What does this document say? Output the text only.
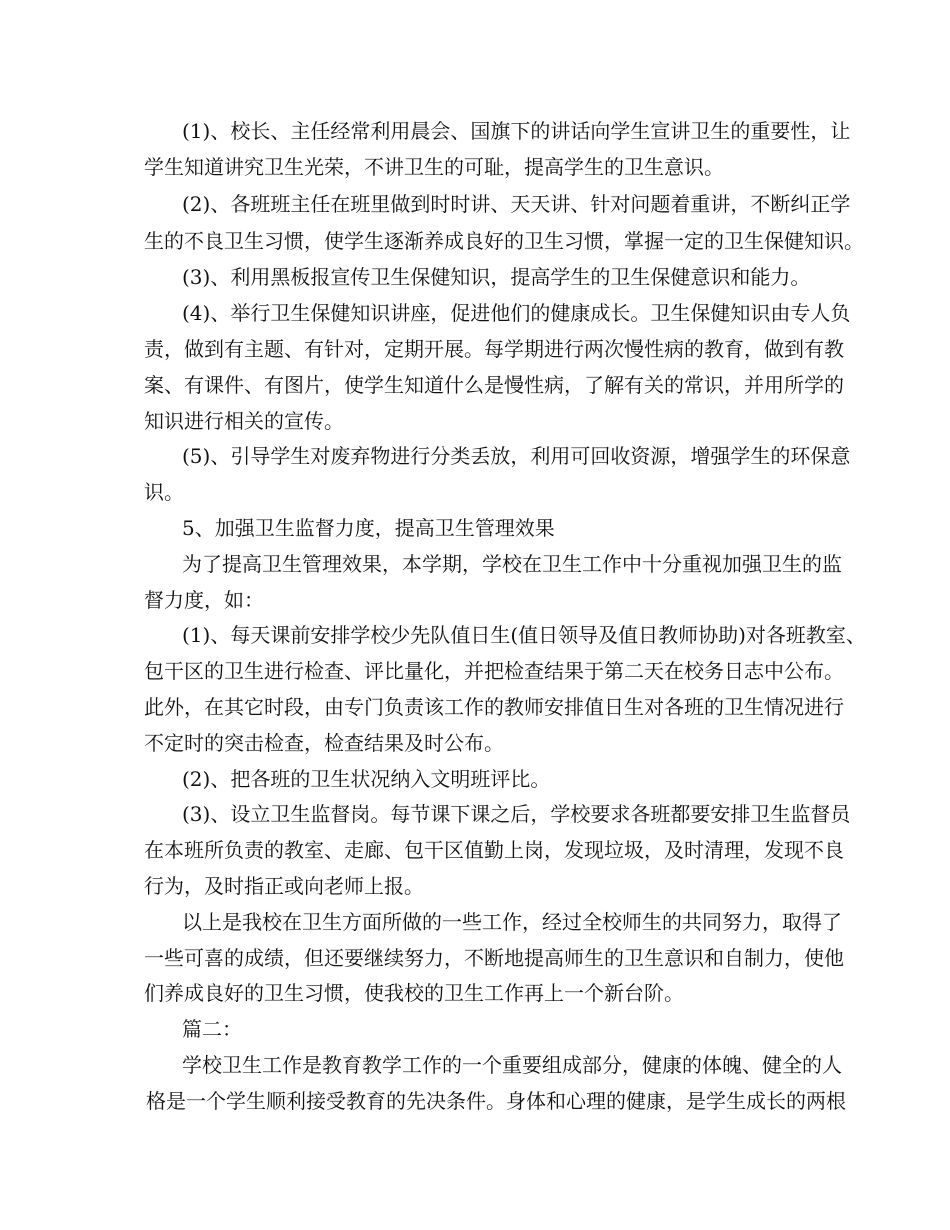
(1)、校长、主任经常利用晨会、国旗下的讲话向学生宣讲卫生的重要性，让
学生知道讲究卫生光荣，不讲卫生的可耻，提高学生的卫生意识。
(2)、各班班主任在班里做到时时讲、天天讲、针对问题着重讲，不断纠正学
生的不良卫生习惯，使学生逐渐养成良好的卫生习惯，掌握一定的卫生保健知识。
(3)、利用黑板报宣传卫生保健知识，提高学生的卫生保健意识和能力。
(4)、举行卫生保健知识讲座，促进他们的健康成长。卫生保健知识由专人负
责，做到有主题、有针对，定期开展。每学期进行两次慢性病的教育，做到有教
案、有课件、有图片，使学生知道什么是慢性病，了解有关的常识，并用所学的
知识进行相关的宣传。
(5)、引导学生对废弃物进行分类丢放，利用可回收资源，增强学生的环保意
识。
5、加强卫生监督力度，提高卫生管理效果
为了提高卫生管理效果，本学期，学校在卫生工作中十分重视加强卫生的监
督力度，如：
(1)、每天课前安排学校少先队值日生(值日领导及值日教师协助)对各班教室、
包干区的卫生进行检查、评比量化，并把检查结果于第二天在校务日志中公布。
此外，在其它时段，由专门负责该工作的教师安排值日生对各班的卫生情况进行
不定时的突击检查，检查结果及时公布。
(2)、把各班的卫生状况纳入文明班评比。
(3)、设立卫生监督岗。每节课下课之后，学校要求各班都要安排卫生监督员
在本班所负责的教室、走廊、包干区值勤上岗，发现垃圾，及时清理，发现不良
行为，及时指正或向老师上报。
以上是我校在卫生方面所做的一些工作，经过全校师生的共同努力，取得了
一些可喜的成绩，但还要继续努力，不断地提高师生的卫生意识和自制力，使他
们养成良好的卫生习惯，使我校的卫生工作再上一个新台阶。
篇二：
学校卫生工作是教育教学工作的一个重要组成部分，健康的体魄、健全的人
格是一个学生顺利接受教育的先决条件。身体和心理的健康，是学生成长的两根
